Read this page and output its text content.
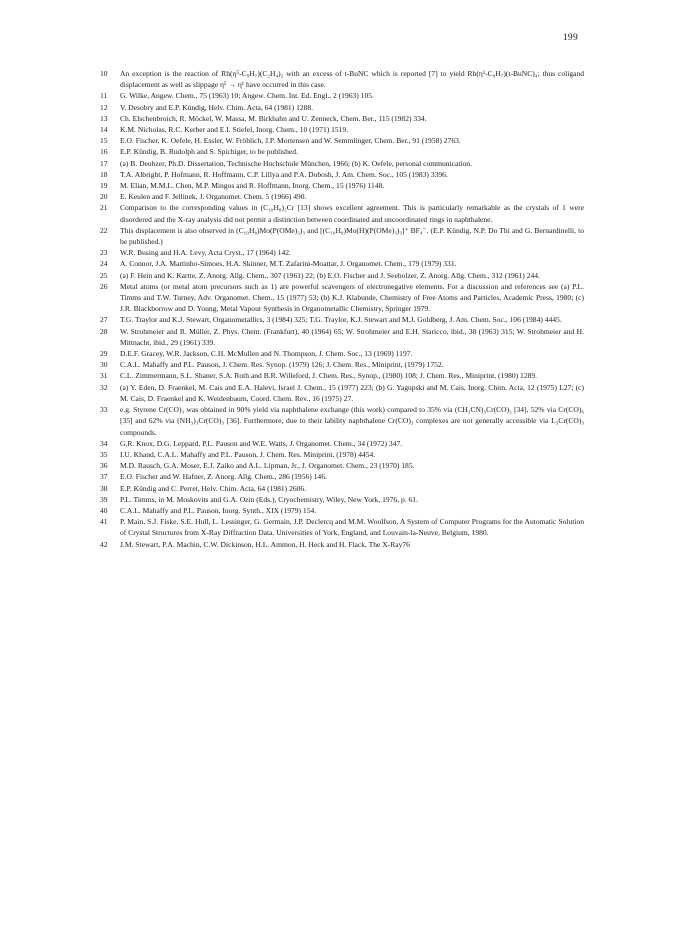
199
10	An exception is the reaction of Rh(η⁵-C₉H₇)(C₂H₄)₂ with an excess of t-BuNC which is reported [7] to yield Rh(η¹-C₉H₇)(t-BuNC)₄; thus coligand displacement as well as slippage η⁵ → η¹ have occurred in this case.
11	G. Wilke, Angew. Chem., 75 (1963) 10; Angew. Chem. Int. Ed. Engl., 2 (1963) 105.
12	V. Desobry and E.P. Kündig, Helv. Chim. Acta, 64 (1981) 1288.
13	Ch. Elschenbroich, R. Möckel, W. Massa, M. Birkhahn and U. Zenneck, Chem. Ber., 115 (1982) 334.
14	K.M. Nicholas, R.C. Kerber and E.I. Stiefel, Inorg. Chem., 10 (1971) 1519.
15	E.O. Fischer, K. Oefele, H. Essler, W. Fröhlich, J.P. Mortensen and W. Semmlinger, Chem. Ber., 91 (1958) 2763.
16	E.P. Kündig, B. Rudolph and S. Spichiger, to be published.
17	(a) B. Deubzer, Ph.D. Dissertation, Technische Hochschule München, 1966; (b) K. Oefele, personal communication.
18	T.A. Albright, P. Hofmann, R. Hoffmann, C.P. Lillya and P.A. Dobosh, J. Am. Chem. Soc., 105 (1983) 3396.
19	M. Elian, M.M.L. Chen, M.P. Mingos and R. Hoffmann, Inorg. Chem., 15 (1976) 1148.
20	E. Keulen and F. Jellinek, J. Organomet. Chem. 5 (1966) 490.
21	Comparison to the corresponding values in (C₁₀H₈)₂Cr [13] shows excellent agreement. This is particularly remarkable as the crystals of 1 were disordered and the X-ray analysis did not permit a distinction between coordinated and uncoordinated rings in naphthalene.
22	This displacement is also observed in (C₁₀H₈)Mo(P(OMe)₃)₃ and [(C₁₀H₈)Mo(H)(P(OMe)₃)₃]⁺ BF₄⁻. (E.P. Kündig, N.P. Do Thi and G. Bernardinelli, to be published.)
23	W.R. Busing and H.A. Levy, Acta Cryst., 17 (1964) 142.
24	A. Connor, J.A. Martinho-Simoes, H.A. Skinner, M.T. Zafarini-Moattar, J. Organomet. Chem., 179 (1979) 331.
25	(a) F. Hein and K. Kartte, Z. Anorg. Allg. Chem., 307 (1961) 22; (b) E.O. Fischer and J. Seeholzer, Z. Anorg. Allg. Chem., 312 (1961) 244.
26	Metal atoms (or metal atom precursors such as 1) are powerful scavengers of electronegative elements. For a discussion and references see (a) P.L. Timms and T.W. Turney, Adv. Organomet. Chem., 15 (1977) 53; (b) K.J. Klabunde, Chemistry of Free Atoms and Particles, Academic Press, 1980; (c) J.R. Blackborrow and D. Young, Metal Vapour Synthesis in Organometallic Chemistry, Springer 1979.
27	T.G. Traylor and K.J. Stewart, Organometallics, 3 (1984) 325; T.G. Traylor, K.J. Stewart and M.J. Goldberg, J. Am. Chem. Soc., 106 (1984) 4445.
28	W. Strohmeier and R. Müller, Z. Phys. Chem. (Frankfurt), 40 (1964) 65; W. Strohmeier and E.H. Staricco, ibid., 38 (1963) 315; W. Strohmeier and H. Mittnacht, ibid., 29 (1961) 339.
29	D.E.F. Gracey, W.R. Jackson, C.H. McMullen and N. Thompson, J. Chem. Soc., 13 (1969) 1197.
30	C.A.L. Mahaffy and P.L. Pauson, J. Chem. Res. Synop. (1979) 126; J. Chem. Res., Miniprint, (1979) 1752.
31	C.L. Zimmermann, S.L. Shaner, S.A. Roth and B.R. Willeford, J. Chem. Res., Synop., (1980) 108; J. Chem. Res., Miniprint, (1980) 1289.
32	(a) Y. Eden, D. Fraenkel, M. Cais and E.A. Halevi, Israel J. Chem., 15 (1977) 223; (b) G. Yagupski and M. Cais, Inorg. Chim. Acta, 12 (1975) L27; (c) M. Cais, D. Fraenkel and K. Weidenbaum, Coord. Chem. Rev., 16 (1975) 27.
33	e.g. Styrene Cr(CO)₃ was obtained in 90% yield via naphthalene exchange (this work) compared to 35% via (CH₃CN)₃Cr(CO)₃ [34], 52% via Cr(CO)₆ [35] and 62% via (NH₃)₃Cr(CO)₃ [36]. Furthermore, due to their lability naphthalene Cr(CO)₃ complexes are not generally accessible via L₃Cr(CO)₃ compounds.
34	G.R. Knox, D.G. Leppard, P.L. Pauson and W.E. Watts, J. Organomet. Chem., 34 (1972) 347.
35	I.U. Khand, C.A.L. Mahaffy and P.L. Pauson, J. Chem. Res. Miniprint, (1978) 4454.
36	M.D. Rausch, G.A. Moser, E.J. Zaiko and A.L. Lipman, Jr., J. Organomet. Chem., 23 (1970) 185.
37	E.O. Fischer and W. Hafner, Z. Anorg. Allg. Chem., 286 (1956) 146.
38	E.P. Kündig and C. Perret, Helv. Chim. Acta, 64 (1981) 2606.
39	P.L. Timms, in M. Moskovits and G.A. Ozin (Eds.), Cryochemistry, Wiley, New York, 1976, p. 61.
40	C.A.L. Mahaffy and P.L. Pauson, Inorg. Synth., XIX (1979) 154.
41	P. Main, S.J. Fiske, S.E. Hull, L. Lessinger, G. Germain, J.P. Declercq and M.M. Woolfson, A System of Computer Programs for the Automatic Solution of Crystal Structures from X-Ray Diffraction Data. Universities of York, England, and Louvain-la-Neuve, Belgium, 1980.
42	J.M. Stewart, P.A. Machin, C.W. Dickinson, H.L. Ammon, H. Heck and H. Flack, The X-Ray76
